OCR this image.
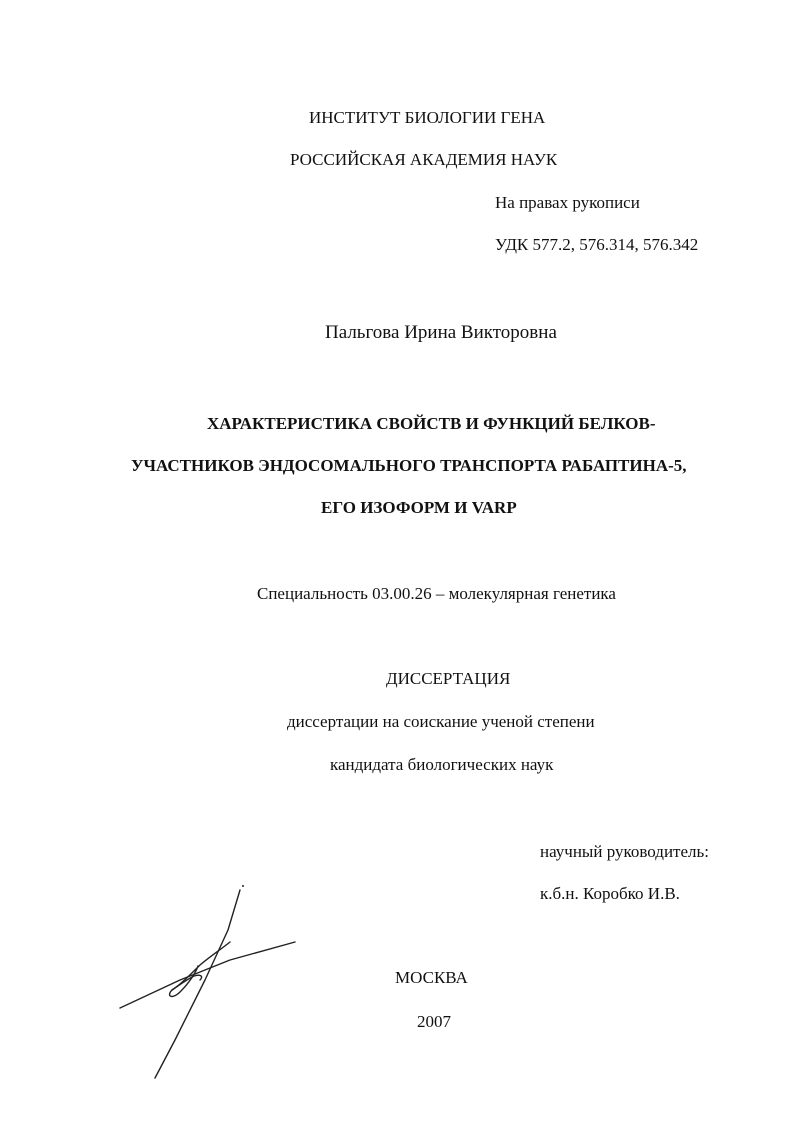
ИНСТИТУТ БИОЛОГИИ ГЕНА
РОССИЙСКАЯ АКАДЕМИЯ НАУК
На правах рукописи
УДК 577.2, 576.314, 576.342
Пальгова Ирина Викторовна
ХАРАКТЕРИСТИКА СВОЙСТВ И ФУНКЦИЙ БЕЛКОВ-
УЧАСТНИКОВ ЭНДОСОМАЛЬНОГО ТРАНСПОРТА РАБАПТИНА-5,
ЕГО ИЗОФОРМ И VARP
Специальность 03.00.26 – молекулярная генетика
ДИССЕРТАЦИЯ
диссертации на соискание ученой степени
кандидата биологических наук
научный руководитель:
к.б.н. Коробко И.В.
МОСКВА
2007
